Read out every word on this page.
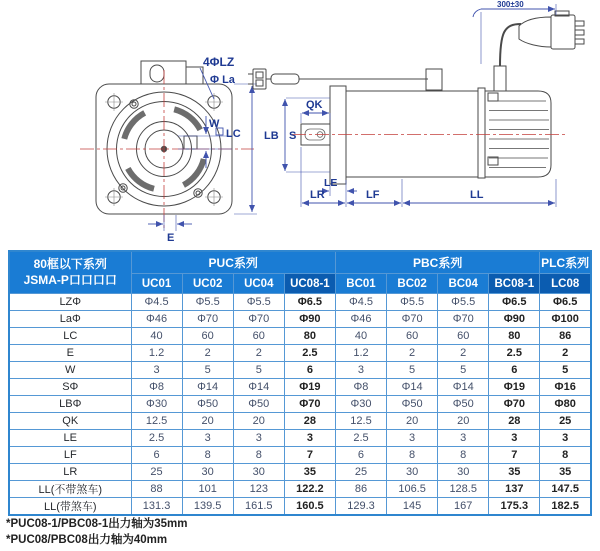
4ΦLZ
Φ La
W
LC
E
LB
QK
S
LE
LR	LF	LL
300±30
80框以下系列
JSMA-P口口口口	PUC系列				PBC系列				PLC系列
	UC01	UC02	UC04	UC08-1	BC01	BC02	BC04	BC08-1	LC08
LZΦ	Φ4.5	Φ5.5	Φ5.5	Φ6.5	Φ4.5	Φ5.5	Φ5.5	Φ6.5	Φ6.5
LaΦ	Φ46	Φ70	Φ70	Φ90	Φ46	Φ70	Φ70	Φ90	Φ100
LC	40	60	60	80	40	60	60	80	86
E	1.2	2	2	2.5	1.2	2	2	2.5	2
W	3	5	5	6	3	5	5	6	5
SΦ	Φ8	Φ14	Φ14	Φ19	Φ8	Φ14	Φ14	Φ19	Φ16
LBΦ	Φ30	Φ50	Φ50	Φ70	Φ30	Φ50	Φ50	Φ70	Φ80
QK	12.5	20	20	28	12.5	20	20	28	25
LE	2.5	3	3	3	2.5	3	3	3	3
LF	6	8	8	7	6	8	8	7	8
LR	25	30	30	35	25	30	30	35	35
LL(不带煞车)	88	101	123	122.2	86	106.5	128.5	137	147.5
LL(带煞车)	131.3	139.5	161.5	160.5	129.3	145	167	175.3	182.5
*PUC08-1/PBC08-1出力轴为35mm
*PUC08/PBC08出力轴为40mm
